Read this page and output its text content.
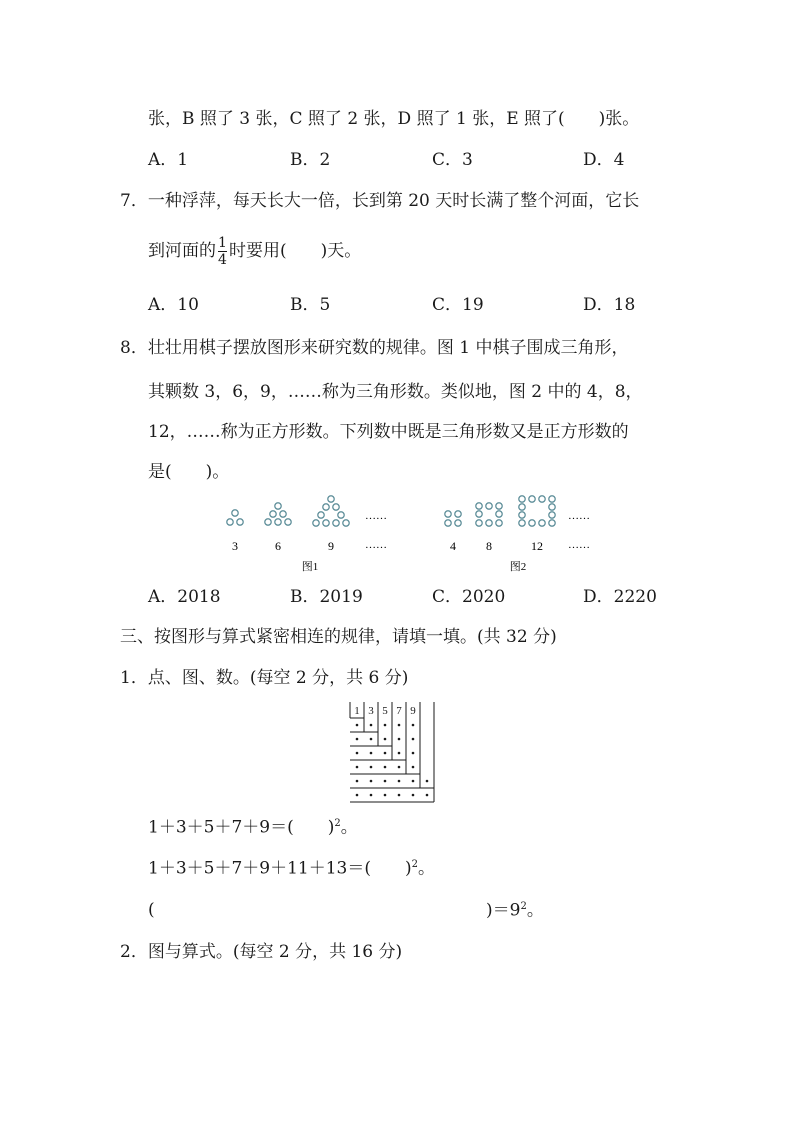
张，B 照了 3 张，C 照了 2 张，D 照了 1 张，E 照了(　　)张。
A．1	B．2	C．3	D．4
7．一种浮萍，每天长大一倍，长到第 20 天时长满了整个河面，它长
到河面的 $\frac{1}{4}$ 时要用(　　)天。
A．10	B．5	C．19	D．18
8．壮壮用棋子摆放图形来研究数的规律。图 1 中棋子围成三角形，
其颗数 3，6，9，……称为三角形数。类似地，图 2 中的 4，8，
12，……称为正方形数。下列数中既是三角形数又是正方形数的
是(　　)。
……
……
3	6	9
图1
……
……
4	8	12
图2
A．2018	B．2019	C．2020	D．2220
三、按图形与算式紧密相连的规律，请填一填。(共 32 分)
1．点、图、数。(每空 2 分，共 6 分)
1 3 5 7 9
1＋3＋5＋7＋9＝(　　)$^2$。
1＋3＋5＋7＋9＋11＋13＝(　　)$^2$。
(	)$=9^2$。
2．图与算式。(每空 2 分，共 16 分)
